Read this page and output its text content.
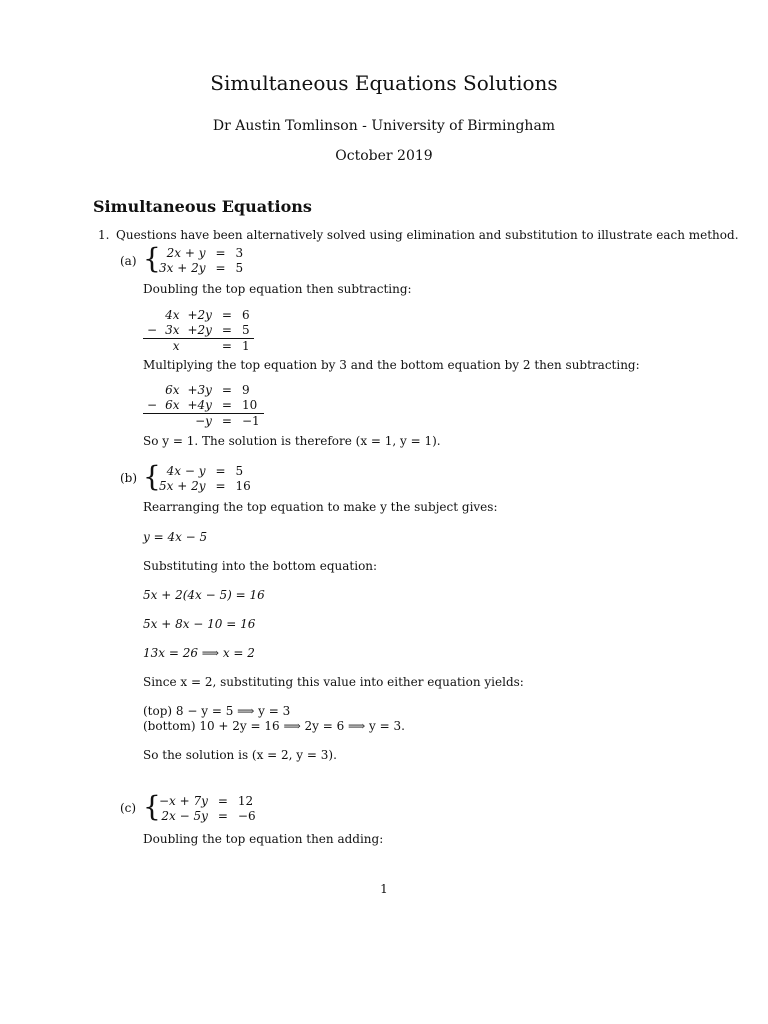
Simultaneous Equations Solutions
Dr Austin Tomlinson - University of Birmingham
October 2019
Simultaneous Equations
1. Questions have been alternatively solved using elimination and substitution to illustrate each method.
(a) { 2x + y	=	3
3x + 2y	=	5
Doubling the top equation then subtracting:
	4x	+2y	=	6
−	3x	+2y	=	5
	x		=	1
Multiplying the top equation by 3 and the bottom equation by 2 then subtracting:
	6x	+3y	=	9
−	6x	+4y	=	10
		−y	=	−1
So y = 1. The solution is therefore (x = 1, y = 1).
(b) { 4x − y	=	5
5x + 2y	=	16
Rearranging the top equation to make y the subject gives:
y = 4x − 5
Substituting into the bottom equation:
5x + 2(4x − 5) = 16
5x + 8x − 10 = 16
13x = 26 ⟹ x = 2
Since x = 2, substituting this value into either equation yields:
(top) 8 − y = 5 ⟹ y = 3
(bottom) 10 + 2y = 16 ⟹ 2y = 6 ⟹ y = 3.
So the solution is (x = 2, y = 3).
(c) {
−x + 7y	=	12
2x − 5y	=	−6
Doubling the top equation then adding:
1
